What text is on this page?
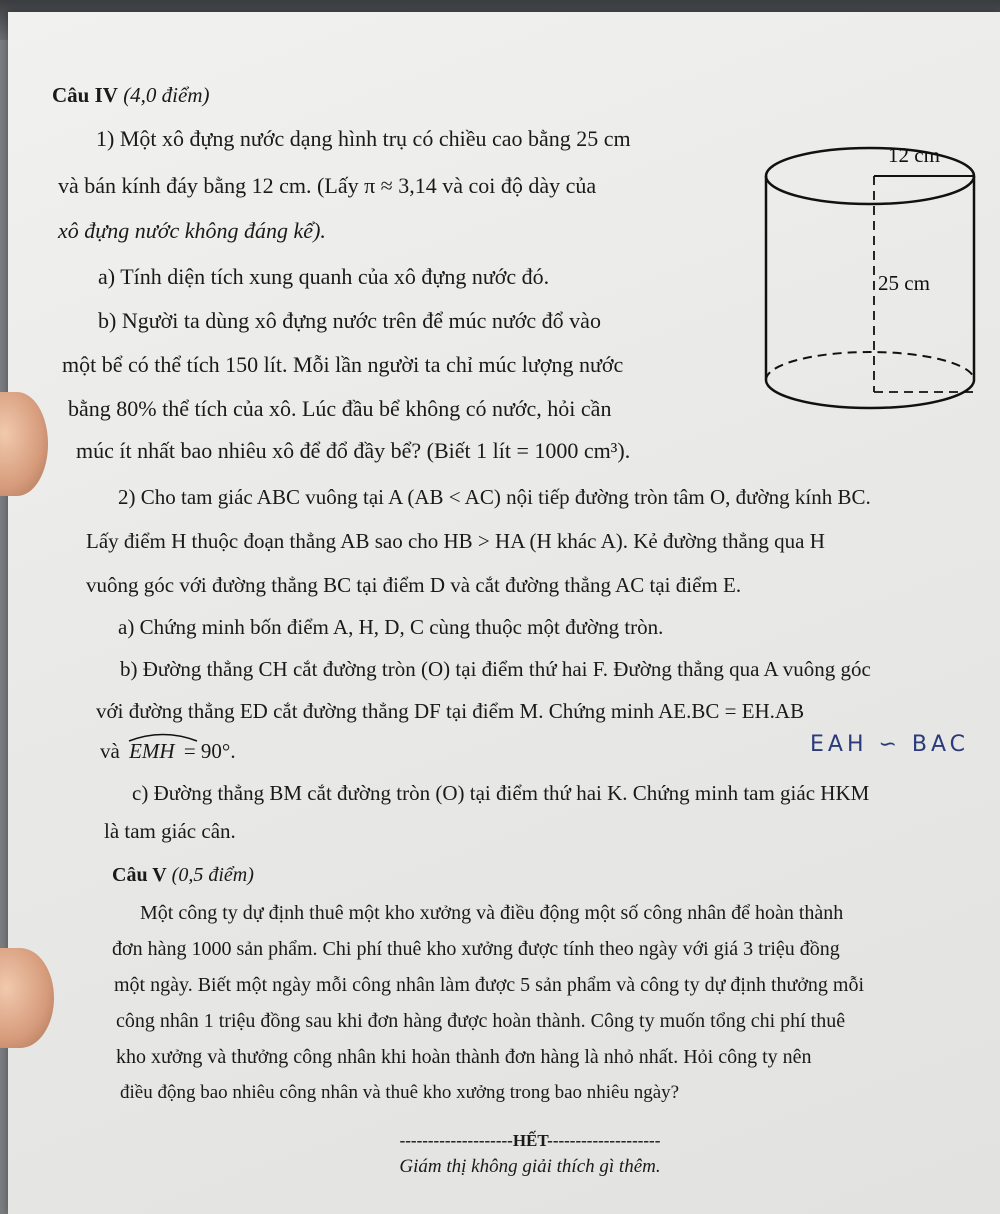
Câu IV (4,0 điểm)
1) Một xô đựng nước dạng hình trụ có chiều cao bằng 25 cm
và bán kính đáy bằng 12 cm. (Lấy π ≈ 3,14 và coi độ dày của
xô đựng nước không đáng kể).
a) Tính diện tích xung quanh của xô đựng nước đó.
b) Người ta dùng xô đựng nước trên để múc nước đổ vào
một bể có thể tích 150 lít. Mỗi lần người ta chỉ múc lượng nước
bằng 80% thể tích của xô. Lúc đầu bể không có nước, hỏi cần
múc ít nhất bao nhiêu xô để đổ đầy bể? (Biết 1 lít = 1000 cm³).
12 cm
25 cm
2) Cho tam giác ABC vuông tại A (AB < AC) nội tiếp đường tròn tâm O, đường kính BC.
Lấy điểm H thuộc đoạn thẳng AB sao cho HB > HA (H khác A). Kẻ đường thẳng qua H
vuông góc với đường thẳng BC tại điểm D và cắt đường thẳng AC tại điểm E.
a) Chứng minh bốn điểm A, H, D, C cùng thuộc một đường tròn.
b) Đường thẳng CH cắt đường tròn (O) tại điểm thứ hai F. Đường thẳng qua A vuông góc
với đường thẳng ED cắt đường thẳng DF tại điểm M. Chứng minh AE.BC = EH.AB
và EMH = 90°.	EAH ∽ BAC
c) Đường thẳng BM cắt đường tròn (O) tại điểm thứ hai K. Chứng minh tam giác HKM
là tam giác cân.
Câu V (0,5 điểm)
Một công ty dự định thuê một kho xưởng và điều động một số công nhân để hoàn thành
đơn hàng 1000 sản phẩm. Chi phí thuê kho xưởng được tính theo ngày với giá 3 triệu đồng
một ngày. Biết một ngày mỗi công nhân làm được 5 sản phẩm và công ty dự định thưởng mỗi
công nhân 1 triệu đồng sau khi đơn hàng được hoàn thành. Công ty muốn tổng chi phí thuê
kho xưởng và thưởng công nhân khi hoàn thành đơn hàng là nhỏ nhất. Hỏi công ty nên
điều động bao nhiêu công nhân và thuê kho xưởng trong bao nhiêu ngày?
--------------------HẾT--------------------
Giám thị không giải thích gì thêm.
